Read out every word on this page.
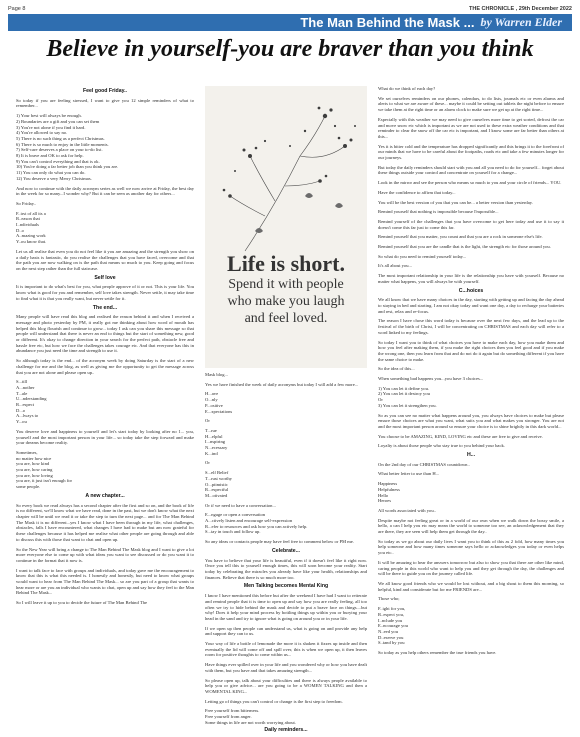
Page 8	THE CHRONICLE , 29th December 2022
The Man Behind the Mask ... by Warren Elder
Believe in yourself-you are braver than you think
Feel good Friday..

So today if you are feeling stressed, I want to give you 12 simple reminders of what to remember...

1) Your best will always be enough.
2) Boundaries are a gift and you can set them
3) You're not alone if you find it hard.
4) You're allowed to say no.
5) There is no such thing as a perfect Christmas.
6) There is so much to enjoy in the little moments.
7) Self-care deserves a place on your to-do list.
8) It is brave and OK to ask for help.
9) You can't control everything and that is ok.
10) You're doing a far better job than you think you are.
11) You can only do what you can do.
12) You deserve a very Merry Christmas.

And now to continue with the daily acronym series as well we now arrive at Friday, the best day in the week for so many...I wonder why? But it can be seen as another day for others...

So Friday..

F..irst of all its a
R..eason that
I..ndividuals
D..o
A..mazing work
Y..ou know that.

Let us all realise that even you do not feel like it you are amazing and the strength you show on a daily basis is fantastic, do you realise the challenges that you have faced, overcome and that the path you are now walking on is the path that means so much to you. Keep going and focus on the next step rather than the full staircase.

Self love

It is important to do what's best for you, what people approve of it or not. This is your life. You know what is good for you and remember, self love takes strength. Never settle, it may take time to find what it is that you really want, but never settle for it.

The end...

Many people will have read this blog and realised the reason behind it and when I received a message and photo yesterday by PM, it really got me thinking about how word of mouth has helped this blog flourish and continue to grow... today I ask can you share this message so that people will understand that there is never an end to things but the start of something new, good or different. It's okay to change direction in your search for the perfect path, obstacle free and hassle free etc, but how we face the challenges takes courage etc. And that everyone has this in abundance you just need the time and strength to use it.

So although today is the end... of the acronym week by doing Saturday is the start of a new challenge for me and the blog, as well as giving me the opportunity to get the message across that you are not alone and please open up..

S...till
A...nother
T...ale
U...nderstanding
R...espect
D...o
A...lways to
Y...ou

You deserve love and happiness to yourself and let's start today by looking after no 1... you, yourself and the most important person in your life... so today take the step forward and make your dreams become reality.

Sometimes,
no matter how nice
you are, how kind
you are, how caring
you are, how loving
you are, it just isn't enough for
some people.
A new chapter...

So every book we read always has a second chapter after the first and so on, and the book of life is no different, we'll know what we have read, done in the past, but we don't know what the next chapter will be until we read it or take the step to turn the next page... and for The Man Behind The Mask it is no different...yes I know what I have been through in my life, what challenges, obstacles, falls I have encountered, what changes I have had to make but am now grateful for these challenges because it has helped me realise what other people are going through and able to discuss this with those that want to chat and open up.

So the New Year will bring a change to The Man Behind The Mask blog and I want to give a lot more everyone else to come up with what ideas you want to see discussed or do you want it to continue in the format that it now is.

I want to talk face to face with groups and individuals, and today gave me the encouragement to know that this is what this needed is. I honestly and honestly, but need to know what groups would want to hear from The Man Behind The Mask... so are you part of a group that wants to hear more or are you an individual who wants to chat, open up and say how they feel to the Man Behind The Mask...

So I will leave it up to you to decide the future of The Man Behind The

Life is short.
Spend it with people
who make you laugh
and feel loved.

Mask blog...

Yes we have finished the week of daily acronyms but today I will add a few more...

H...ave
O...nly
P...ositive
E...xpectations

Or

T...rue
H...elpful
I...nspiring
N...ecessary
K...ind

Or

S...elf Belief
T...rust worthy
O...ptimistic
R...espectful
M...otivated

Or if we need to have a conversation...

E...ngage or open a conversation
A...ctively listen and encourage self-expression
R...efer to resources and ask how you can actively help.
S...tay in touch and follow up.

So any ideas or contacts people may have feel free to comment below or PM me.

Celebrate...

You have to believe that your life is beautiful, even if it doesn't feel like it right now. Once you tell this to yourself enough times, this will soon become your reality. Start today by celebrating the miracles you already have like your health, relationships and finances. Believe that there is so much more too.

Men Talking becomes Mental King

I know I have mentioned this before but after the weekend I have had I want to reiterate and remind people that it is time to open up and say how you are really feeling, all too often we try to hide behind the mask and decide to put a brave face on things....but why! Does it help your mind process by bottling things up within you or burying your head in the sand and try to ignore what is going on around you or in your life.

If we open up then people can understand us, what is going on and provide any help and support they can to us.

Your way of life a bottle of lemonade the more it is shaken it fizzes up inside and then eventually the lid will come off and spill over, this is when we open up, it then leaves room for positive thoughts to come within us...

Have things ever spilled over in your life and you wondered why or how you have dealt with them, but you have and that takes amazing strength...

So please open up, talk about your difficulties and there is always people available to help you or give advice... are you going to be a WOMEN TALKING and then a WOMENTAL KING...

Letting go of things you can't control or change is the first step to freedom.

Free yourself from bitterness.
Free yourself from anger.
Some things in life are not worth worrying about.
Daily reminders...

What do we think of each day?

We set ourselves reminders on our phones, calendars, to do lists, journals etc or even alarms and alerts to what we are aware of these... maybe it could be setting out tablets the night before to ensure we take them at the right time or an alarm clock to make sure we get up at the right time...

Especially with this weather we may need to give ourselves more time to get sorted, defrost the car and move snow etc which is important as we are not used to these extra weather conditions and that reminder to clear the snow off the car etc is important, and I know some are far better than others at this...

Yes it is bitter cold and the temperature has dropped significantly and this brings it to the forefront of our minds that we have to be careful about the footpaths, roads etc and take a few minutes longer for our journeys.

But today the daily reminders should start with you and all you need to do for yourself... forget about these things outside your control and concentrate on yourself for a change...

Look in the mirror and see the person who means so much to you and your circle of friends... YOU.

Have the confidence to affirm that today...

You will be the best version of you that you can be... a better version than yesterday.

Remind yourself that nothing is impossible because I'mpossible...

Remind yourself of the challenges that you have overcome to get here today and use it to say it doesn't come this far just to come this far.

Remind yourself that you matter, you count and that you are a rock in someone else's life.

Remind yourself that you are the candle that is the light, the strength etc for those around you.

So what do you need to remind yourself today...

It's all about you...

The most important relationship in your life is the relationship you have with yourself. Because no matter what happens, you will always be with yourself.

C...hoices

We all know that we have many choices in the day, starting with getting up and facing the day ahead to staying in bed and starting. I am not okay today and want one day, a day to recharge your batteries and rest, relax and re-focus.

The reason I have chose this word today is because over the next few days, and the lead up to the festival of the birth of Christ, I will be concentrating on CHRISTMAS and each day will refer to a word linked to my feelings.

So today I want you to think of what choices you have to make each day, how you make them and how you feel after making them, if you make the right choices then you feel good and if you make the wrong one, then you learn from that and do not do it again but do something different if you have the same choice to make.

So the idea of this...

When something bad happens you...you have 3 choices...

1) You can let it define you.
2) You can let it destroy you
Or
3) You can let it strengthen you.

So as you can see no matter what happens around you, you always have choices to make but please ensure those choices are what you want, what suits you and what makes you stronger. You are not and the most important person around so ensure your choice is to shine brightly in this dark world...

You choose to be AMAZING, KIND, LOVING etc and these are free to give and receive.

Loyalty is about those people who stay true to you behind your back.

H...

On the 2nd day of our CHRISTMAS countdown..

What better letter to use than H...

Happiness
Helpfulness
Hello
Heroes

All words associated with you..

Despite maybe not feeling great or in a world of our own when we walk down the bossy smile, a hello, a can I help you etc may mean the world to someone too see, an acknowledgement that they are there, they are seen will help them get through the day..

So today as we go about our daily lives I want you to think of this as 2 fold, how many times you help someone and how many times someone says hello or acknowledges you today or even helps you etc..

It will be amazing to hear the answers tomorrow but also to show you that there are other like mind, caring people in this world who want to help you and they get through the day, the challenges and will be there to guide you on the journey called life.

We all know good friends who we would be lost without, and a big shout to them this morning, so helpful, kind and considerate but for me FRIENDS are...

Those who;

F..ight for you,
R..espect you,
I..nclude you
E..ncourage you
N..eed you
D..eserve you
S..tand by you

So today as you help others remember the true friends you have.
